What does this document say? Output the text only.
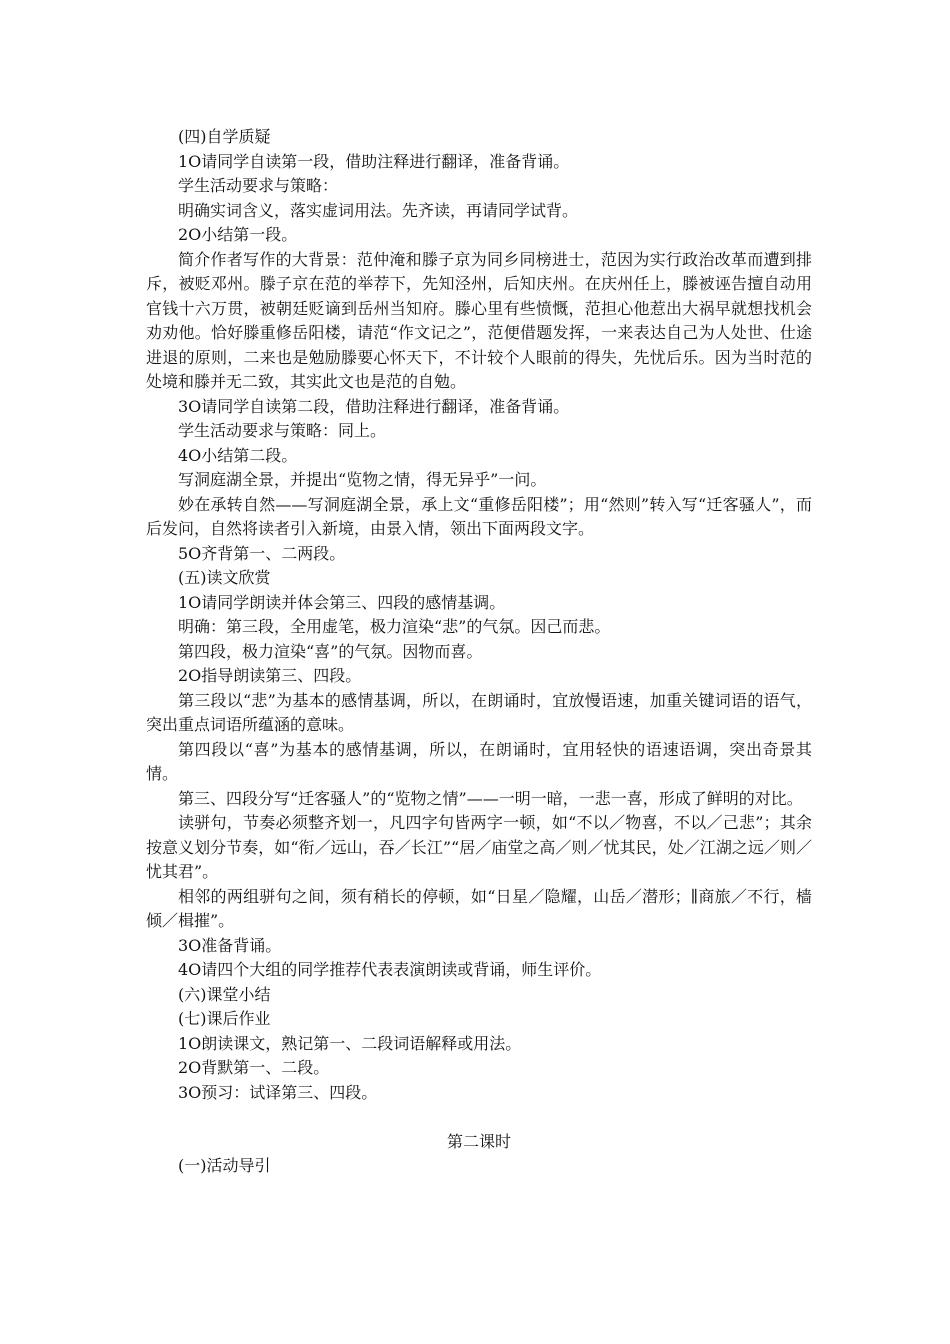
(四)自学质疑

1O请同学自读第一段，借助注释进行翻译，准备背诵。

学生活动要求与策略：

明确实词含义，落实虚词用法。先齐读，再请同学试背。

2O小结第一段。

简介作者写作的大背景：范仲淹和滕子京为同乡同榜进士，范因为实行政治改革而遭到排斥，被贬邓州。滕子京在范的举荐下，先知泾州，后知庆州。在庆州任上，滕被诬告擅自动用官钱十六万贯，被朝廷贬谪到岳州当知府。滕心里有些愤慨，范担心他惹出大祸早就想找机会劝劝他。恰好滕重修岳阳楼，请范“作文记之”，范便借题发挥，一来表达自己为人处世、仕途进退的原则，二来也是勉励滕要心怀天下，不计较个人眼前的得失，先忧后乐。因为当时范的处境和滕并无二致，其实此文也是范的自勉。

3O请同学自读第二段，借助注释进行翻译，准备背诵。

学生活动要求与策略：同上。

4O小结第二段。

写洞庭湖全景，并提出“览物之情，得无异乎”一问。

妙在承转自然——写洞庭湖全景，承上文“重修岳阳楼”；用“然则”转入写“迁客骚人”，而后发问，自然将读者引入新境，由景入情，领出下面两段文字。

5O齐背第一、二两段。

(五)读文欣赏

1O请同学朗读并体会第三、四段的感情基调。

明确：第三段，全用虚笔，极力渲染“悲”的气氛。因己而悲。

第四段，极力渲染“喜”的气氛。因物而喜。

2O指导朗读第三、四段。

第三段以“悲”为基本的感情基调，所以，在朗诵时，宜放慢语速，加重关键词语的语气，突出重点词语所蕴涵的意味。

第四段以“喜”为基本的感情基调，所以，在朗诵时，宜用轻快的语速语调，突出奇景其情。

第三、四段分写“迁客骚人”的“览物之情”——一明一暗，一悲一喜，形成了鲜明的对比。

读骈句，节奏必须整齐划一，凡四字句皆两字一顿，如“不以／物喜，不以／己悲”；其余按意义划分节奏，如“衔／远山，吞／长江”“居／庙堂之高／则／忧其民，处／江湖之远／则／忧其君”。

相邻的两组骈句之间，须有稍长的停顿，如“日星／隐耀，山岳／潜形；∥商旅／不行，樯倾／楫摧”。

3O准备背诵。

4O请四个大组的同学推荐代表表演朗读或背诵，师生评价。

(六)课堂小结

(七)课后作业

1O朗读课文，熟记第一、二段词语解释或用法。

2O背默第一、二段。

3O预习：试译第三、四段。

第二课时

(一)活动导引
